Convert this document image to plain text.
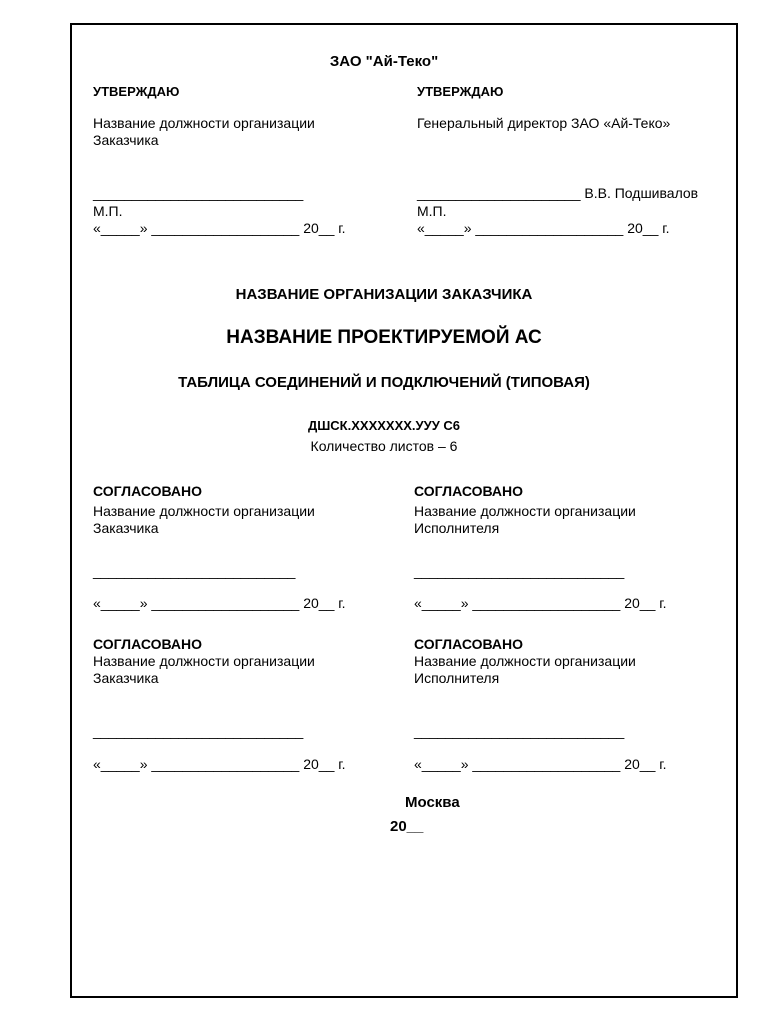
ЗАО "Ай-Теко"
УТВЕРЖДАЮ
Название должности организации
Заказчика
___________________________
М.П.
«_____» ___________________ 20__ г.
УТВЕРЖДАЮ
Генеральный директор ЗАО «Ай-Теко»
_____________________ В.В. Подшивалов
М.П.
«_____» ___________________ 20__ г.
НАЗВАНИЕ ОРГАНИЗАЦИИ ЗАКАЗЧИКА
НАЗВАНИЕ ПРОЕКТИРУЕМОЙ АС
ТАБЛИЦА СОЕДИНЕНИЙ И ПОДКЛЮЧЕНИЙ (ТИПОВАЯ)
ДШСК.XXXXXXX.УУУ С6
Количество листов – 6
СОГЛАСОВАНО
Название должности организации
Заказчика
__________________________
«_____» ___________________ 20__ г.
СОГЛАСОВАНО
Название должности организации
Исполнителя
___________________________
«_____» ___________________ 20__ г.
СОГЛАСОВАНО
Название должности организации
Заказчика
___________________________
«_____» ___________________ 20__ г.
СОГЛАСОВАНО
Название должности организации
Исполнителя
___________________________
«_____» ___________________ 20__ г.
Москва
20__
